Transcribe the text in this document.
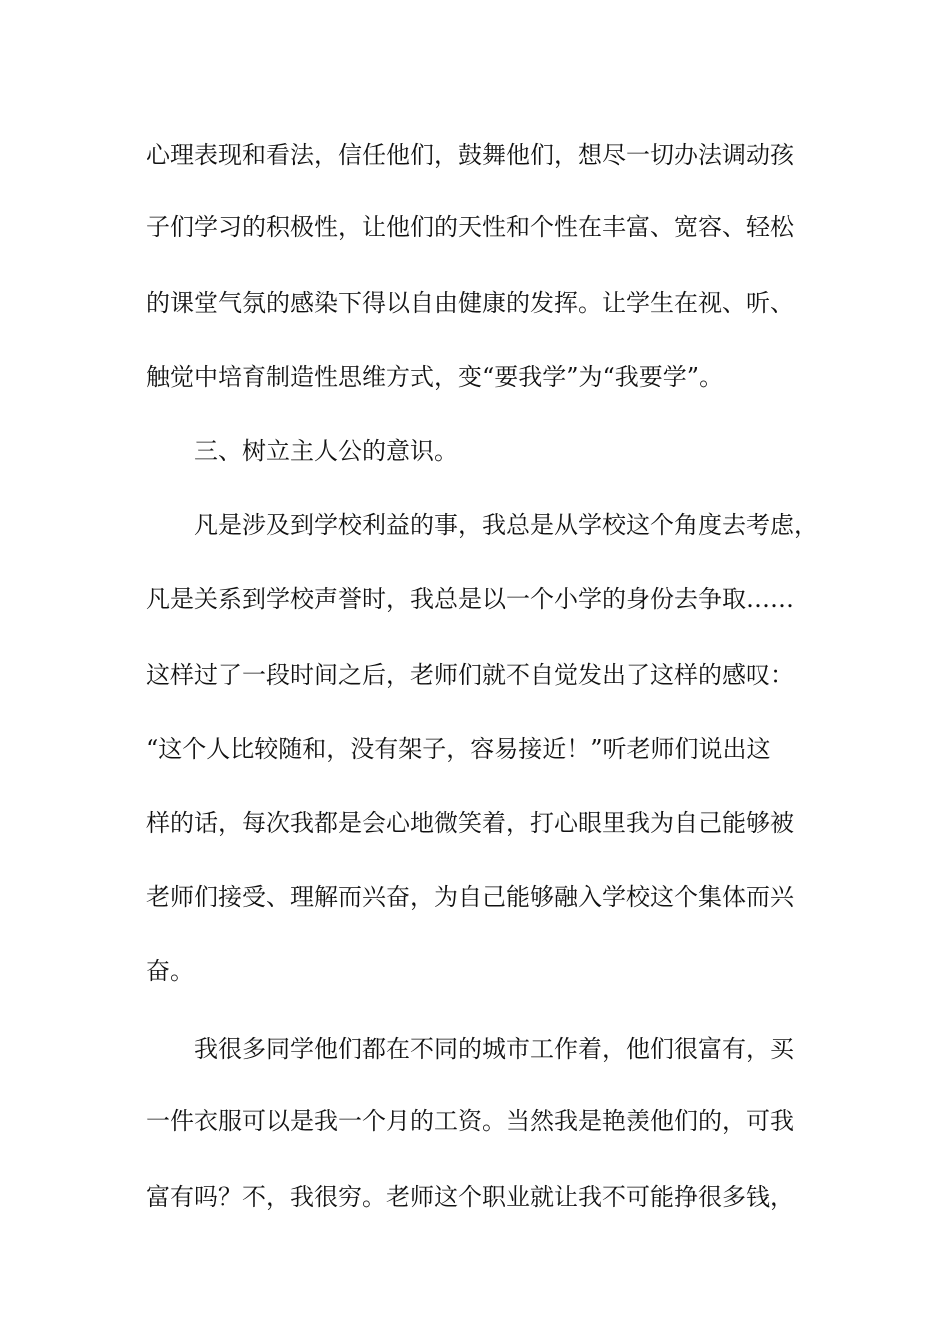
心理表现和看法，信任他们，鼓舞他们，想尽一切办法调动孩
子们学习的积极性，让他们的天性和个性在丰富、宽容、轻松
的课堂气氛的感染下得以自由健康的发挥。让学生在视、听、
触觉中培育制造性思维方式，变“要我学”为“我要学”。
三、树立主人公的意识。
凡是涉及到学校利益的事，我总是从学校这个角度去考虑，
凡是关系到学校声誉时，我总是以一个小学的身份去争取……
这样过了一段时间之后，老师们就不自觉发出了这样的感叹：
“这个人比较随和，没有架子，容易接近！”听老师们说出这
样的话，每次我都是会心地微笑着，打心眼里我为自己能够被
老师们接受、理解而兴奋，为自己能够融入学校这个集体而兴
奋。
我很多同学他们都在不同的城市工作着，他们很富有，买
一件衣服可以是我一个月的工资。当然我是艳羡他们的，可我
富有吗？不，我很穷。老师这个职业就让我不可能挣很多钱，
